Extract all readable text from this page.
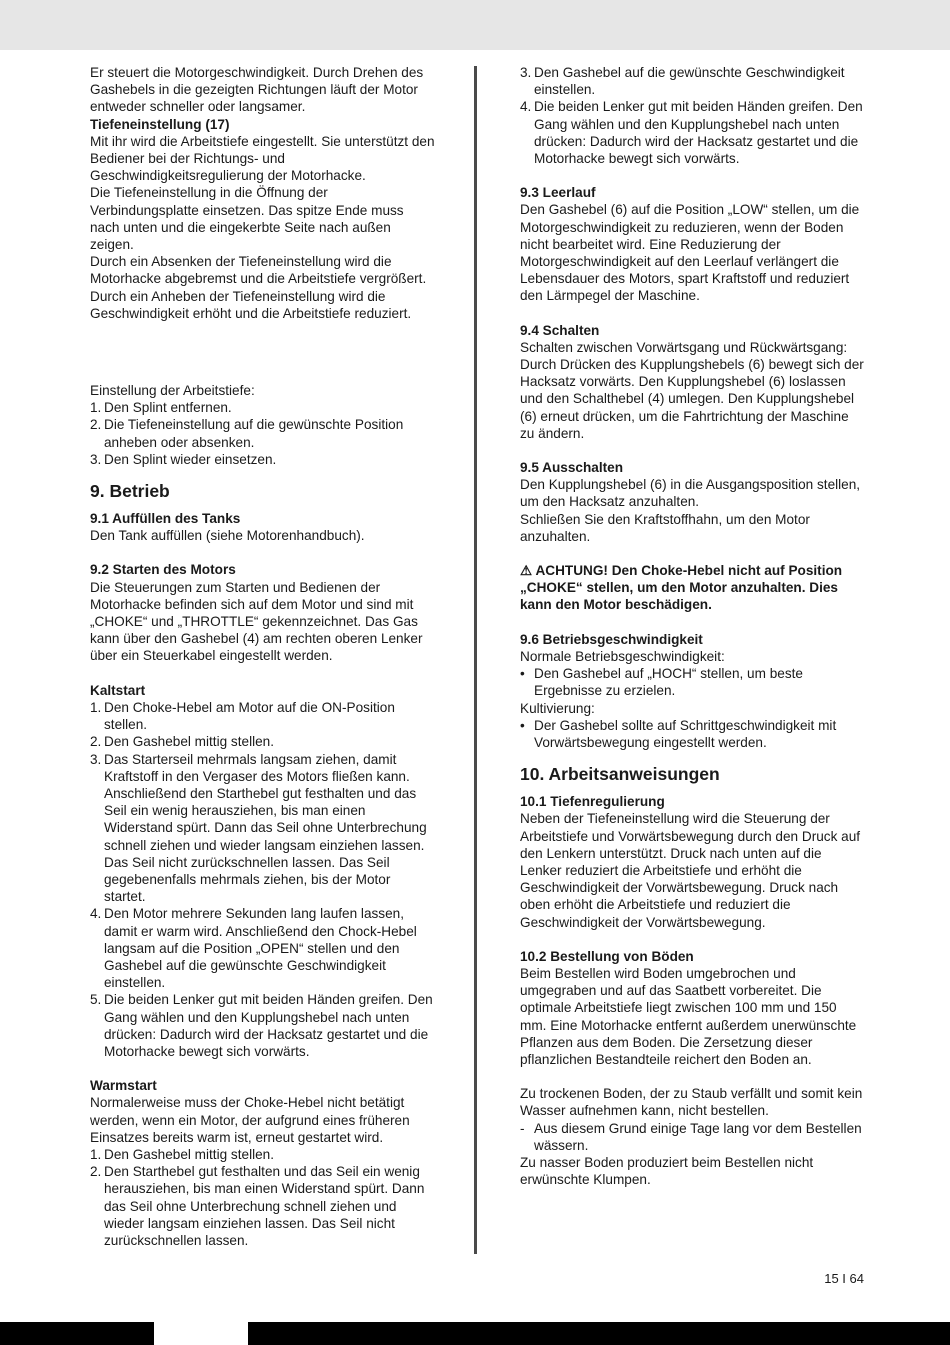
Er steuert die Motorgeschwindigkeit. Durch Drehen des Gashebels in die gezeigten Richtungen läuft der Motor entweder schneller oder langsamer.

Tiefeneinstellung (17)

Mit ihr wird die Arbeitstiefe eingestellt. Sie unterstützt den Bediener bei der Richtungs- und Geschwindigkeitsregulierung der Motorhacke.

Die Tiefeneinstellung in die Öffnung der Verbindungsplatte einsetzen. Das spitze Ende muss nach unten und die eingekerbte Seite nach außen zeigen.

Durch ein Absenken der Tiefeneinstellung wird die Motorhacke abgebremst und die Arbeitstiefe vergrößert. Durch ein Anheben der Tiefeneinstellung wird die Geschwindigkeit erhöht und die Arbeitstiefe reduziert.

Einstellung der Arbeitstiefe:

1. Den Splint entfernen.
2. Die Tiefeneinstellung auf die gewünschte Position anheben oder absenken.
3. Den Splint wieder einsetzen.
9. Betrieb

9.1 Auffüllen des Tanks

Den Tank auffüllen (siehe Motorenhandbuch).

9.2 Starten des Motors

Die Steuerungen zum Starten und Bedienen der Motorhacke befinden sich auf dem Motor und sind mit „CHOKE“ und „THROTTLE“ gekennzeichnet. Das Gas kann über den Gashebel (4) am rechten oberen Lenker über ein Steuerkabel eingestellt werden.

Kaltstart

1. Den Choke-Hebel am Motor auf die ON-Position stellen.
2. Den Gashebel mittig stellen.
3. Das Starterseil mehrmals langsam ziehen, damit Kraftstoff in den Vergaser des Motors fließen kann. Anschließend den Starthebel gut festhalten und das Seil ein wenig herausziehen, bis man einen Widerstand spürt. Dann das Seil ohne Unterbrechung schnell ziehen und wieder langsam einziehen lassen. Das Seil nicht zurückschnellen lassen. Das Seil gegebenenfalls mehrmals ziehen, bis der Motor startet.
4. Den Motor mehrere Sekunden lang laufen lassen, damit er warm wird. Anschließend den Chock-Hebel langsam auf die Position „OPEN“ stellen und den Gashebel auf die gewünschte Geschwindigkeit einstellen.
5. Die beiden Lenker gut mit beiden Händen greifen. Den Gang wählen und den Kupplungshebel nach unten drücken: Dadurch wird der Hacksatz gestartet und die Motorhacke bewegt sich vorwärts.

Warmstart

Normalerweise muss der Choke-Hebel nicht betätigt werden, wenn ein Motor, der aufgrund eines früheren Einsatzes bereits warm ist, erneut gestartet wird.

1. Den Gashebel mittig stellen.
2. Den Starthebel gut festhalten und das Seil ein wenig herausziehen, bis man einen Widerstand spürt. Dann das Seil ohne Unterbrechung schnell ziehen und wieder langsam einziehen lassen. Das Seil nicht zurückschnellen lassen.
3. Den Gashebel auf die gewünschte Geschwindigkeit einstellen.
4. Die beiden Lenker gut mit beiden Händen greifen. Den Gang wählen und den Kupplungshebel nach unten drücken: Dadurch wird der Hacksatz gestartet und die Motorhacke bewegt sich vorwärts.

9.3 Leerlauf

Den Gashebel (6) auf die Position „LOW“ stellen, um die Motorgeschwindigkeit zu reduzieren, wenn der Boden nicht bearbeitet wird. Eine Reduzierung der Motorgeschwindigkeit auf den Leerlauf verlängert die Lebensdauer des Motors, spart Kraftstoff und reduziert den Lärmpegel der Maschine.

9.4 Schalten

Schalten zwischen Vorwärtsgang und Rückwärtsgang:

Durch Drücken des Kupplungshebels (6) bewegt sich der Hacksatz vorwärts. Den Kupplungshebel (6) loslassen und den Schalthebel (4) umlegen. Den Kupplungshebel (6) erneut drücken, um die Fahrtrichtung der Maschine zu ändern.

9.5 Ausschalten

Den Kupplungshebel (6) in die Ausgangsposition stellen, um den Hacksatz anzuhalten.

Schließen Sie den Kraftstoffhahn, um den Motor anzuhalten.

⚠ ACHTUNG! Den Choke-Hebel nicht auf Position „CHOKE“ stellen, um den Motor anzuhalten. Dies kann den Motor beschädigen.

9.6 Betriebsgeschwindigkeit

Normale Betriebsgeschwindigkeit:

• Den Gashebel auf „HOCH“ stellen, um beste Ergebnisse zu erzielen.

Kultivierung:

• Der Gashebel sollte auf Schrittgeschwindigkeit mit Vorwärtsbewegung eingestellt werden.
10. Arbeitsanweisungen

10.1 Tiefenregulierung

Neben der Tiefeneinstellung wird die Steuerung der Arbeitstiefe und Vorwärtsbewegung durch den Druck auf den Lenkern unterstützt. Druck nach unten auf die Lenker reduziert die Arbeitstiefe und erhöht die Geschwindigkeit der Vorwärtsbewegung. Druck nach oben erhöht die Arbeitstiefe und reduziert die Geschwindigkeit der Vorwärtsbewegung.

10.2 Bestellung von Böden

Beim Bestellen wird Boden umgebrochen und umgegraben und auf das Saatbett vorbereitet. Die optimale Arbeitstiefe liegt zwischen 100 mm und 150 mm. Eine Motorhacke entfernt außerdem unerwünschte Pflanzen aus dem Boden. Die Zersetzung dieser pflanzlichen Bestandteile reichert den Boden an.

Zu trockenen Boden, der zu Staub verfällt und somit kein Wasser aufnehmen kann, nicht bestellen.

- Aus diesem Grund einige Tage lang vor dem Bestellen wässern.

Zu nasser Boden produziert beim Bestellen nicht erwünschte Klumpen.

15 I 64
